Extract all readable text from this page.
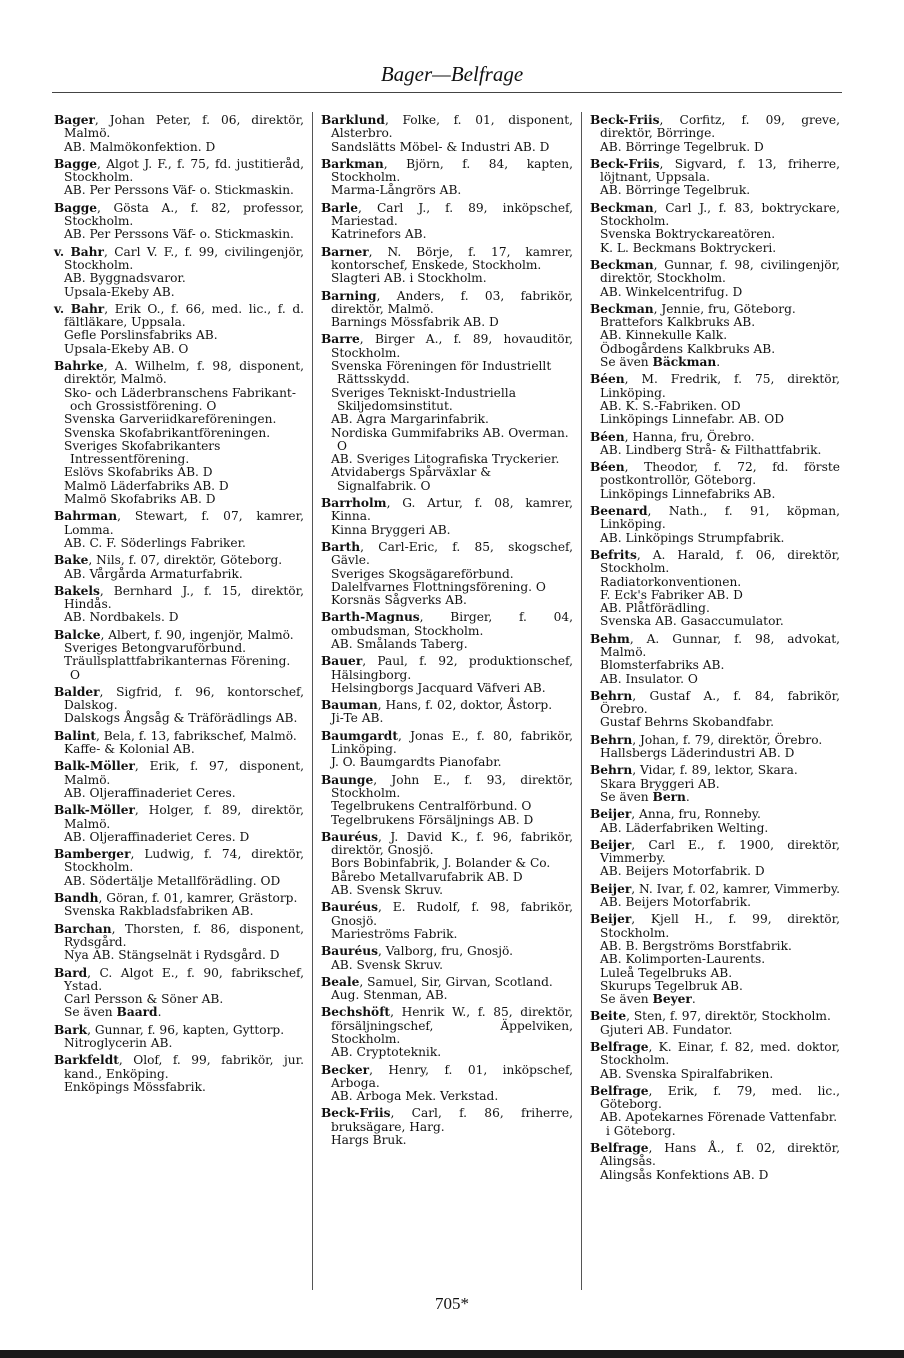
Bager—Belfrage
Bager, Johan Peter, f. 06, direktör, Malmö.
AB. Malmökonfektion. D
Bagge, Algot J. F., f. 75, fd. justitieråd, Stockholm.
AB. Per Perssons Väf- o. Stickmaskin.
Bagge, Gösta A., f. 82, professor, Stockholm.
AB. Per Perssons Väf- o. Stickmaskin.
v. Bahr, Carl V. F., f. 99, civilingenjör, Stockholm.
AB. Byggnadsvaror.
Upsala-Ekeby AB.
v. Bahr, Erik O., f. 66, med. lic., f. d. fältläkare, Uppsala.
Gefle Porslinsfabriks AB.
Upsala-Ekeby AB. O
Bahrke, A. Wilhelm, f. 98, disponent, direktör, Malmö.
Sko- och Läderbranschens Fabrikant- och Grossistförening. O
Svenska Garveriidkareföreningen.
Svenska Skofabrikantföreningen.
Sveriges Skofabrikanters Intressentförening.
Eslövs Skofabriks AB. D
Malmö Läderfabriks AB. D
Malmö Skofabriks AB. D
Bahrman, Stewart, f. 07, kamrer, Lomma.
AB. C. F. Söderlings Fabriker.
Bake, Nils, f. 07, direktör, Göteborg.
AB. Vårgårda Armaturfabrik.
Bakels, Bernhard J., f. 15, direktör, Hindås.
AB. Nordbakels. D
Balcke, Albert, f. 90, ingenjör, Malmö.
Sveriges Betongvaruförbund.
Träullsplattfabrikanternas Förening. O
Balder, Sigfrid, f. 96, kontorschef, Dalskog.
Dalskogs Ångsåg & Träförädlings AB.
Balint, Bela, f. 13, fabrikschef, Malmö.
Kaffe- & Kolonial AB.
Balk-Möller, Erik, f. 97, disponent, Malmö.
AB. Oljeraffinaderiet Ceres.
Balk-Möller, Holger, f. 89, direktör, Malmö.
AB. Oljeraffinaderiet Ceres. D
Bamberger, Ludwig, f. 74, direktör, Stockholm.
AB. Södertälje Metallförädling. OD
Bandh, Göran, f. 01, kamrer, Grästorp.
Svenska Rakbladsfabriken AB.
Barchan, Thorsten, f. 86, disponent, Rydsgård.
Nya AB. Stängselnät i Rydsgård. D
Bard, C. Algot E., f. 90, fabrikschef, Ystad.
Carl Persson & Söner AB.
Se även Baard.
Bark, Gunnar, f. 96, kapten, Gyttorp.
Nitroglycerin AB.
Barkfeldt, Olof, f. 99, fabrikör, jur. kand., Enköping.
Enköpings Mössfabrik.
Barklund, Folke, f. 01, disponent, Alsterbro.
Sandslätts Möbel- & Industri AB. D
Barkman, Björn, f. 84, kapten, Stockholm.
Marma-Långrörs AB.
Barle, Carl J., f. 89, inköpschef, Mariestad.
Katrinefors AB.
Barner, N. Börje, f. 17, kamrer, kontorschef, Enskede, Stockholm.
Slagteri AB. i Stockholm.
Barning, Anders, f. 03, fabrikör, direktör, Malmö.
Barnings Mössfabrik AB. D
Barre, Birger A., f. 89, hovauditör, Stockholm.
Svenska Föreningen för Industriellt Rättsskydd.
Sveriges Tekniskt-Industriella Skiljedomsinstitut.
AB. Agra Margarinfabrik.
Nordiska Gummifabriks AB. Overman. O
AB. Sveriges Litografiska Tryckerier.
Atvidabergs Spårväxlar & Signalfabrik. O
Barrholm, G. Artur, f. 08, kamrer, Kinna.
Kinna Bryggeri AB.
Barth, Carl-Eric, f. 85, skogschef, Gävle.
Sveriges Skogsägareförbund.
Dalelfvarnes Flottningsförening. O
Korsnäs Sågverks AB.
Barth-Magnus, Birger, f. 04, ombudsman, Stockholm.
AB. Smålands Taberg.
Bauer, Paul, f. 92, produktionschef, Hälsingborg.
Helsingborgs Jacquard Väfveri AB.
Bauman, Hans, f. 02, doktor, Åstorp.
Ji-Te AB.
Baumgardt, Jonas E., f. 80, fabrikör, Linköping.
J. O. Baumgardts Pianofabr.
Baunge, John E., f. 93, direktör, Stockholm.
Tegelbrukens Centralförbund. O
Tegelbrukens Försäljnings AB. D
Bauréus, J. David K., f. 96, fabrikör, direktör, Gnosjö.
Bors Bobinfabrik, J. Bolander & Co.
Bårebo Metallvarufabrik AB. D
AB. Svensk Skruv.
Bauréus, E. Rudolf, f. 98, fabrikör, Gnosjö.
Marieströms Fabrik.
Bauréus, Valborg, fru, Gnosjö.
AB. Svensk Skruv.
Beale, Samuel, Sir, Girvan, Scotland.
Aug. Stenman, AB.
Bechshöft, Henrik W., f. 85, direktör, försäljningschef, Äppelviken, Stockholm.
AB. Cryptoteknik.
Becker, Henry, f. 01, inköpschef, Arboga.
AB. Arboga Mek. Verkstad.
Beck-Friis, Carl, f. 86, friherre, bruksägare, Harg.
Hargs Bruk.
Beck-Friis, Corfitz, f. 09, greve, direktör, Börringe.
AB. Börringe Tegelbruk. D
Beck-Friis, Sigvard, f. 13, friherre, löjtnant, Uppsala.
AB. Börringe Tegelbruk.
Beckman, Carl J., f. 83, boktryckare, Stockholm.
Svenska Boktryckareatören.
K. L. Beckmans Boktryckeri.
Beckman, Gunnar, f. 98, civilingenjör, direktör, Stockholm.
AB. Winkelcentrifug. D
Beckman, Jennie, fru, Göteborg.
Brattefors Kalkbruks AB.
AB. Kinnekulle Kalk.
Ödbogårdens Kalkbruks AB.
Se även Bäckman.
Béen, M. Fredrik, f. 75, direktör, Linköping.
AB. K. S.-Fabriken. OD
Linköpings Linnefabr. AB. OD
Béen, Hanna, fru, Örebro.
AB. Lindberg Strå- & Filthattfabrik.
Béen, Theodor, f. 72, fd. förste postkontrollör, Göteborg.
Linköpings Linnefabriks AB.
Beenard, Nath., f. 91, köpman, Linköping.
AB. Linköpings Strumpfabrik.
Befrits, A. Harald, f. 06, direktör, Stockholm.
Radiatorkonventionen.
F. Eck's Fabriker AB. D
AB. Plåtförädling.
Svenska AB. Gasaccumulator.
Behm, A. Gunnar, f. 98, advokat, Malmö.
Blomsterfabriks AB.
AB. Insulator. O
Behrn, Gustaf A., f. 84, fabrikör, Örebro.
Gustaf Behrns Skobandfabr.
Behrn, Johan, f. 79, direktör, Örebro.
Hallsbergs Läderindustri AB. D
Behrn, Vidar, f. 89, lektor, Skara.
Skara Bryggeri AB.
Se även Bern.
Beijer, Anna, fru, Ronneby.
AB. Läderfabriken Welting.
Beijer, Carl E., f. 1900, direktör, Vimmerby.
AB. Beijers Motorfabrik. D
Beijer, N. Ivar, f. 02, kamrer, Vimmerby.
AB. Beijers Motorfabrik.
Beijer, Kjell H., f. 99, direktör, Stockholm.
AB. B. Bergströms Borstfabrik.
AB. Kolimporten-Laurents.
Luleå Tegelbruks AB.
Skurups Tegelbruk AB.
Se även Beyer.
Beite, Sten, f. 97, direktör, Stockholm.
Gjuteri AB. Fundator.
Belfrage, K. Einar, f. 82, med. doktor, Stockholm.
AB. Svenska Spiralfabriken.
Belfrage, Erik, f. 79, med. lic., Göteborg.
AB. Apotekarnes Förenade Vattenfabr. i Göteborg.
Belfrage, Hans Å., f. 02, direktör, Alingsås.
Alingsås Konfektions AB. D
705*
